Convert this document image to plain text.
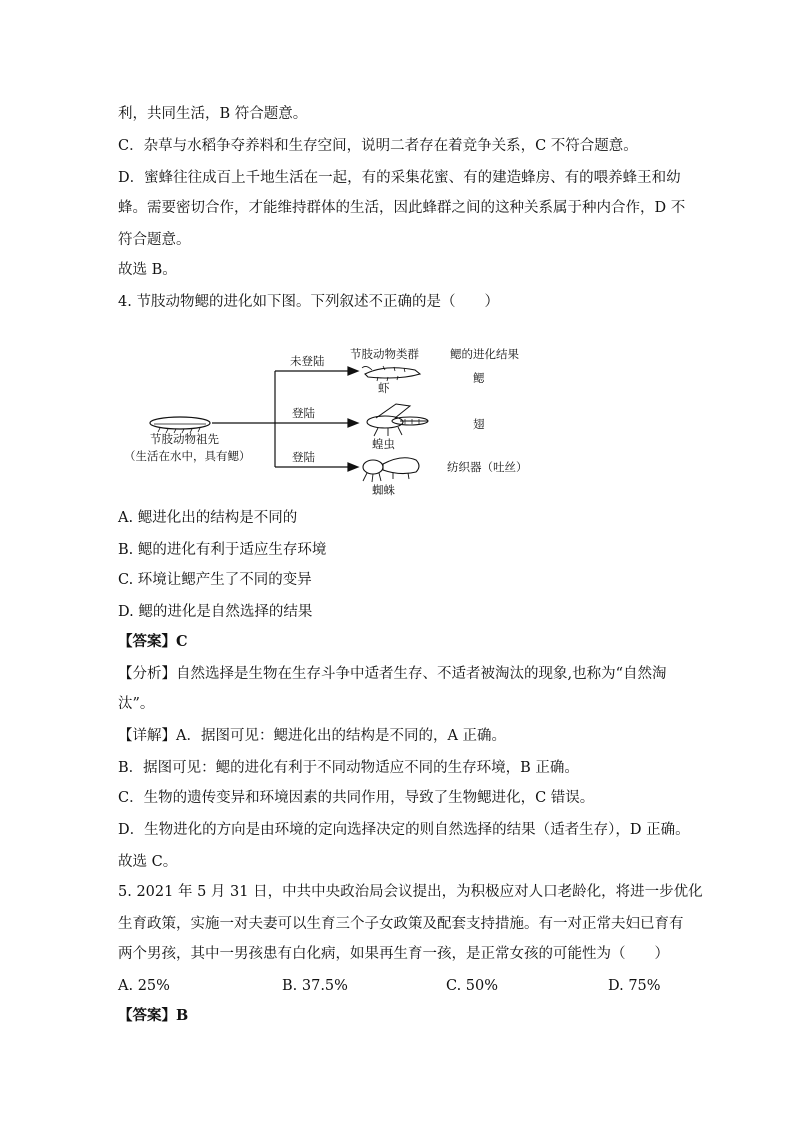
利，共同生活，B 符合题意。
C．杂草与水稻争夺养料和生存空间，说明二者存在着竞争关系，C 不符合题意。
D．蜜蜂往往成百上千地生活在一起，有的采集花蜜、有的建造蜂房、有的喂养蜂王和幼
蜂。需要密切合作，才能维持群体的生活，因此蜂群之间的这种关系属于种内合作，D 不
符合题意。
故选 B。
4. 节肢动物鳃的进化如下图。下列叙述不正确的是（　　）
节肢动物类群	鳃的进化结果
节肢动物祖先
（生活在水中，具有鳃）
未登陆
登陆
登陆
虾
鳃
蝗虫
翅
蜘蛛
纺织器（吐丝）
A. 鳃进化出的结构是不同的
B. 鳃的进化有利于适应生存环境
C. 环境让鳃产生了不同的变异
D. 鳃的进化是自然选择的结果
【答案】C
【分析】自然选择是生物在生存斗争中适者生存、不适者被淘汰的现象,也称为“自然淘
汰”。
【详解】A．据图可见：鳃进化出的结构是不同的，A 正确。
B．据图可见：鳃的进化有利于不同动物适应不同的生存环境，B 正确。
C．生物的遗传变异和环境因素的共同作用，导致了生物鳃进化，C 错误。
D．生物进化的方向是由环境的定向选择决定的则自然选择的结果（适者生存），D 正确。
故选 C。
5. 2021 年 5 月 31 日，中共中央政治局会议提出，为积极应对人口老龄化，将进一步优化
生育政策，实施一对夫妻可以生育三个子女政策及配套支持措施。有一对正常夫妇已育有
两个男孩，其中一男孩患有白化病，如果再生育一孩，是正常女孩的可能性为（　　）
A. 25%	B. 37.5%	C. 50%	D. 75%
【答案】B
